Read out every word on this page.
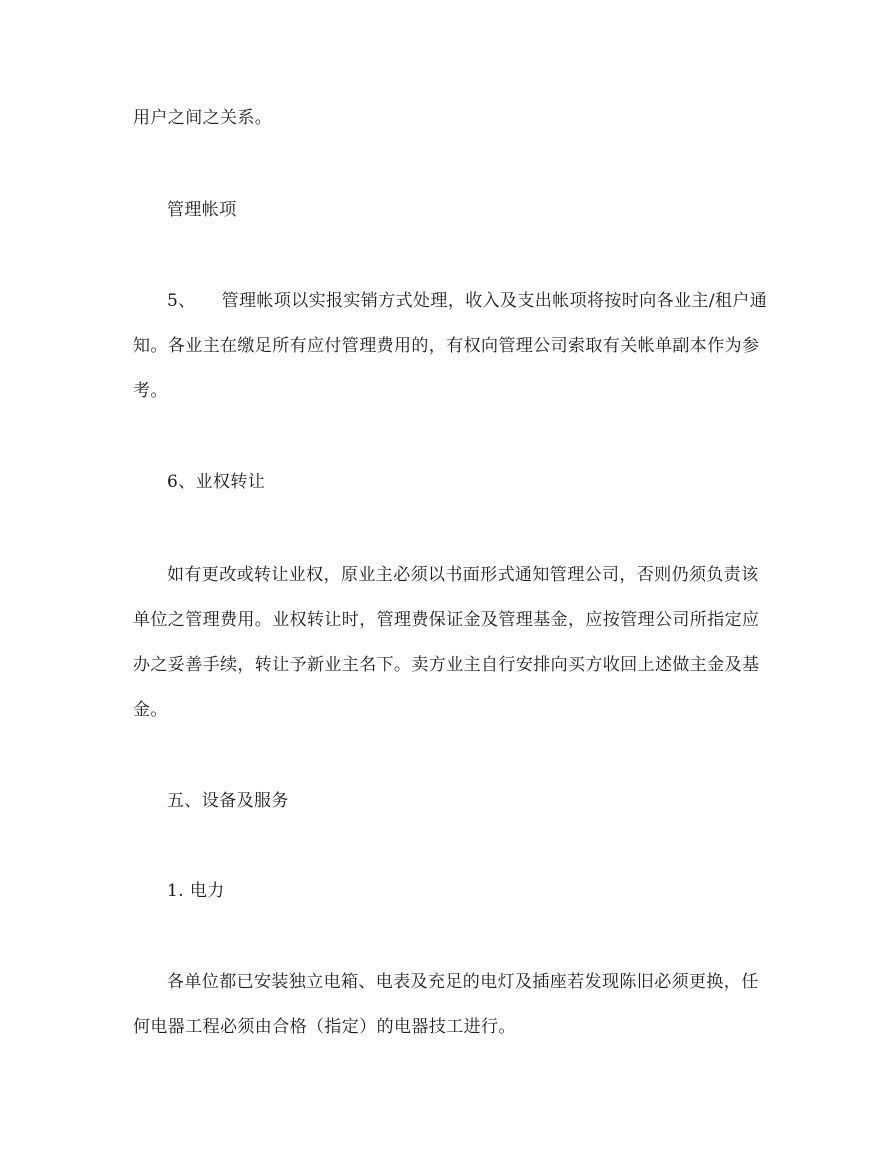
用户之间之关系。

管理帐项

5、 管理帐项以实报实销方式处理，收入及支出帐项将按时向各业主/租户通

知。各业主在缴足所有应付管理费用的，有权向管理公司索取有关帐单副本作为参

考。

6、业权转让

如有更改或转让业权，原业主必须以书面形式通知管理公司，否则仍须负责该

单位之管理费用。业权转让时，管理费保证金及管理基金，应按管理公司所指定应

办之妥善手续，转让予新业主名下。卖方业主自行安排向买方收回上述做主金及基

金。

五、设备及服务

1. 电力

各单位都已安装独立电箱、电表及充足的电灯及插座若发现陈旧必须更换，任

何电器工程必须由合格（指定）的电器技工进行。
